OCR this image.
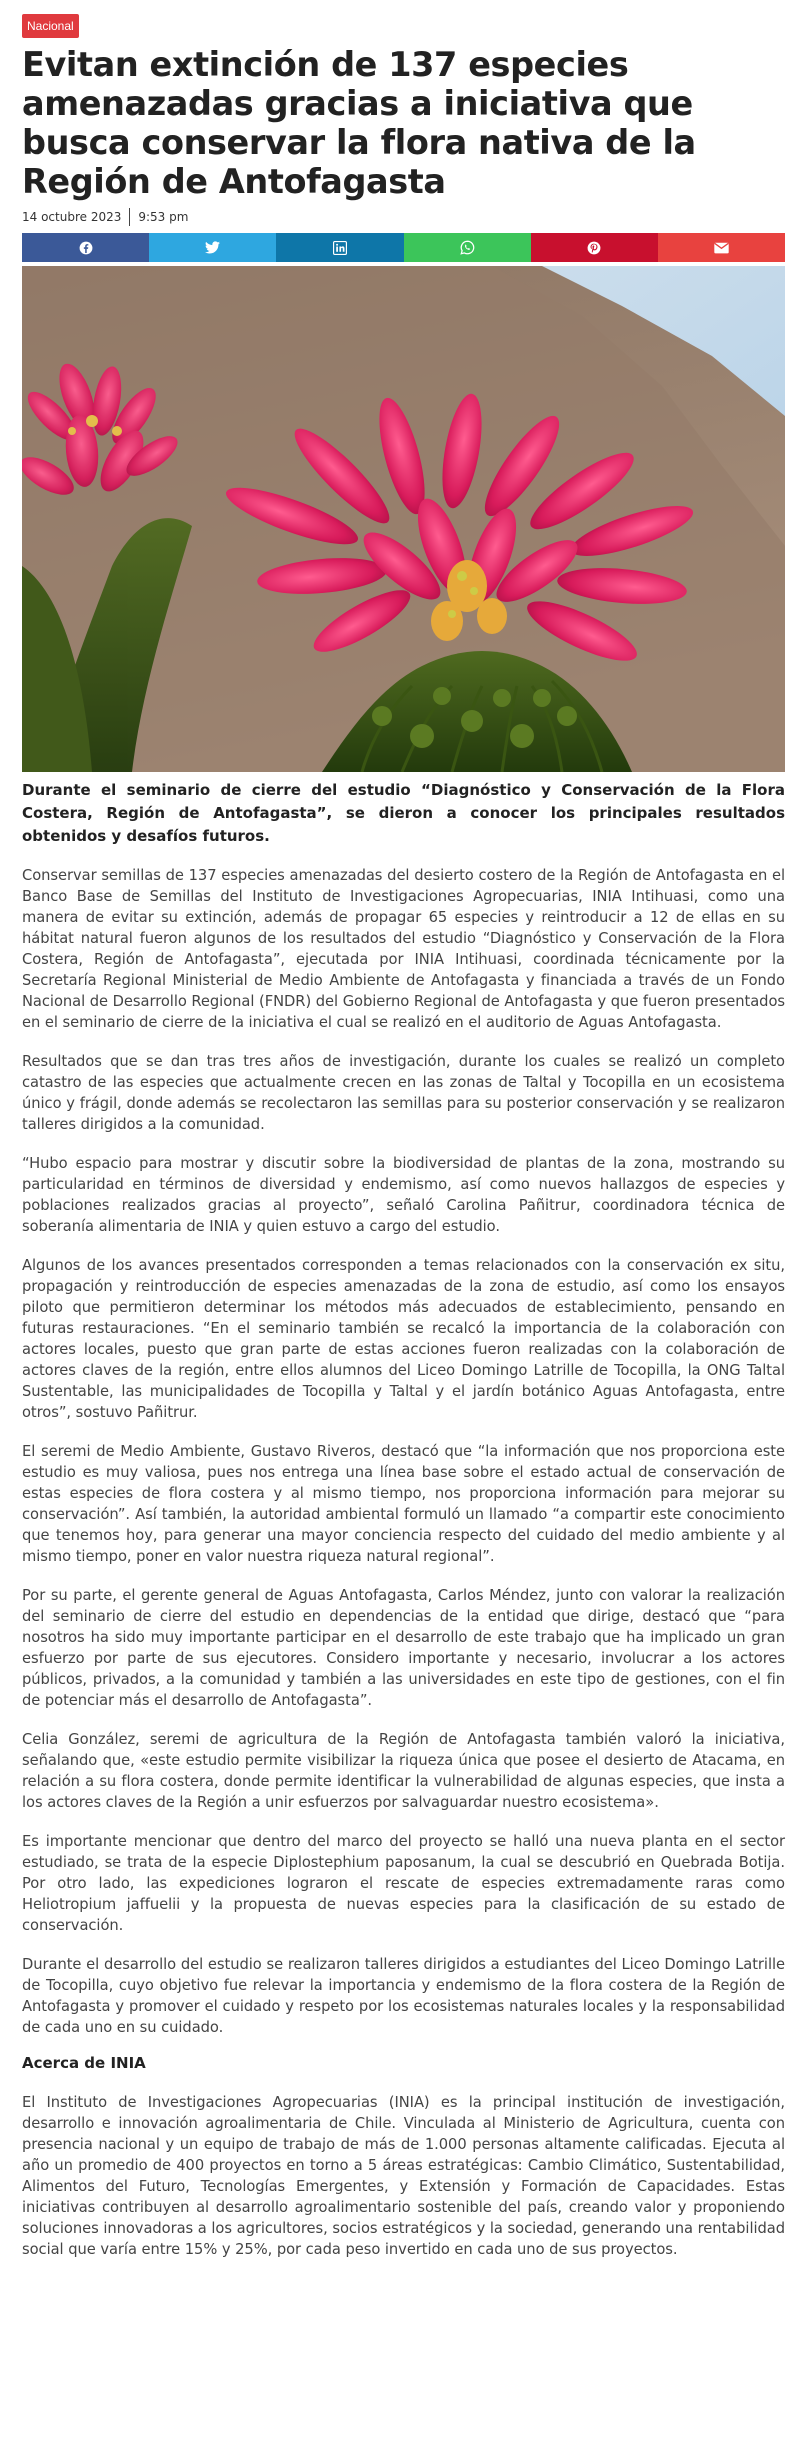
Nacional
Evitan extinción de 137 especies amenazadas gracias a iniciativa que busca conservar la flora nativa de la Región de Antofagasta
14 octubre 2023 9:53 pm

Durante el seminario de cierre del estudio “Diagnóstico y Conservación de la Flora Costera, Región de Antofagasta”, se dieron a conocer los principales resultados obtenidos y desafíos futuros.

Conservar semillas de 137 especies amenazadas del desierto costero de la Región de Antofagasta en el Banco Base de Semillas del Instituto de Investigaciones Agropecuarias, INIA Intihuasi, como una manera de evitar su extinción, además de propagar 65 especies y reintroducir a 12 de ellas en su hábitat natural fueron algunos de los resultados del estudio “Diagnóstico y Conservación de la Flora Costera, Región de Antofagasta”, ejecutada por INIA Intihuasi, coordinada técnicamente por la Secretaría Regional Ministerial de Medio Ambiente de Antofagasta y financiada a través de un Fondo Nacional de Desarrollo Regional (FNDR) del Gobierno Regional de Antofagasta y que fueron presentados en el seminario de cierre de la iniciativa el cual se realizó en el auditorio de Aguas Antofagasta.

Resultados que se dan tras tres años de investigación, durante los cuales se realizó un completo catastro de las especies que actualmente crecen en las zonas de Taltal y Tocopilla en un ecosistema único y frágil, donde además se recolectaron las semillas para su posterior conservación y se realizaron talleres dirigidos a la comunidad.

“Hubo espacio para mostrar y discutir sobre la biodiversidad de plantas de la zona, mostrando su particularidad en términos de diversidad y endemismo, así como nuevos hallazgos de especies y poblaciones realizados gracias al proyecto”, señaló Carolina Pañitrur, coordinadora técnica de soberanía alimentaria de INIA y quien estuvo a cargo del estudio.

Algunos de los avances presentados corresponden a temas relacionados con la conservación ex situ, propagación y reintroducción de especies amenazadas de la zona de estudio, así como los ensayos piloto que permitieron determinar los métodos más adecuados de establecimiento, pensando en futuras restauraciones. “En el seminario también se recalcó la importancia de la colaboración con actores locales, puesto que gran parte de estas acciones fueron realizadas con la colaboración de actores claves de la región, entre ellos alumnos del Liceo Domingo Latrille de Tocopilla, la ONG Taltal Sustentable, las municipalidades de Tocopilla y Taltal y el jardín botánico Aguas Antofagasta, entre otros”, sostuvo Pañitrur.

El seremi de Medio Ambiente, Gustavo Riveros, destacó que “la información que nos proporciona este estudio es muy valiosa, pues nos entrega una línea base sobre el estado actual de conservación de estas especies de flora costera y al mismo tiempo, nos proporciona información para mejorar su conservación”. Así también, la autoridad ambiental formuló un llamado “a compartir este conocimiento que tenemos hoy, para generar una mayor conciencia respecto del cuidado del medio ambiente y al mismo tiempo, poner en valor nuestra riqueza natural regional”.

Por su parte, el gerente general de Aguas Antofagasta, Carlos Méndez, junto con valorar la realización del seminario de cierre del estudio en dependencias de la entidad que dirige, destacó que “para nosotros ha sido muy importante participar en el desarrollo de este trabajo que ha implicado un gran esfuerzo por parte de sus ejecutores. Considero importante y necesario, involucrar a los actores públicos, privados, a la comunidad y también a las universidades en este tipo de gestiones, con el fin de potenciar más el desarrollo de Antofagasta”.

Celia González, seremi de agricultura de la Región de Antofagasta también valoró la iniciativa, señalando que, «este estudio permite visibilizar la riqueza única que posee el desierto de Atacama, en relación a su flora costera, donde permite identificar la vulnerabilidad de algunas especies, que insta a los actores claves de la Región a unir esfuerzos por salvaguardar nuestro ecosistema».

Es importante mencionar que dentro del marco del proyecto se halló una nueva planta en el sector estudiado, se trata de la especie Diplostephium paposanum, la cual se descubrió en Quebrada Botija. Por otro lado, las expediciones lograron el rescate de especies extremadamente raras como Heliotropium jaffuelii y la propuesta de nuevas especies para la clasificación de su estado de conservación.

Durante el desarrollo del estudio se realizaron talleres dirigidos a estudiantes del Liceo Domingo Latrille de Tocopilla, cuyo objetivo fue relevar la importancia y endemismo de la flora costera de la Región de Antofagasta y promover el cuidado y respeto por los ecosistemas naturales locales y la responsabilidad de cada uno en su cuidado.

Acerca de INIA

El Instituto de Investigaciones Agropecuarias (INIA) es la principal institución de investigación, desarrollo e innovación agroalimentaria de Chile. Vinculada al Ministerio de Agricultura, cuenta con presencia nacional y un equipo de trabajo de más de 1.000 personas altamente calificadas. Ejecuta al año un promedio de 400 proyectos en torno a 5 áreas estratégicas: Cambio Climático, Sustentabilidad, Alimentos del Futuro, Tecnologías Emergentes, y Extensión y Formación de Capacidades. Estas iniciativas contribuyen al desarrollo agroalimentario sostenible del país, creando valor y proponiendo soluciones innovadoras a los agricultores, socios estratégicos y la sociedad, generando una rentabilidad social que varía entre 15% y 25%, por cada peso invertido en cada uno de sus proyectos.
